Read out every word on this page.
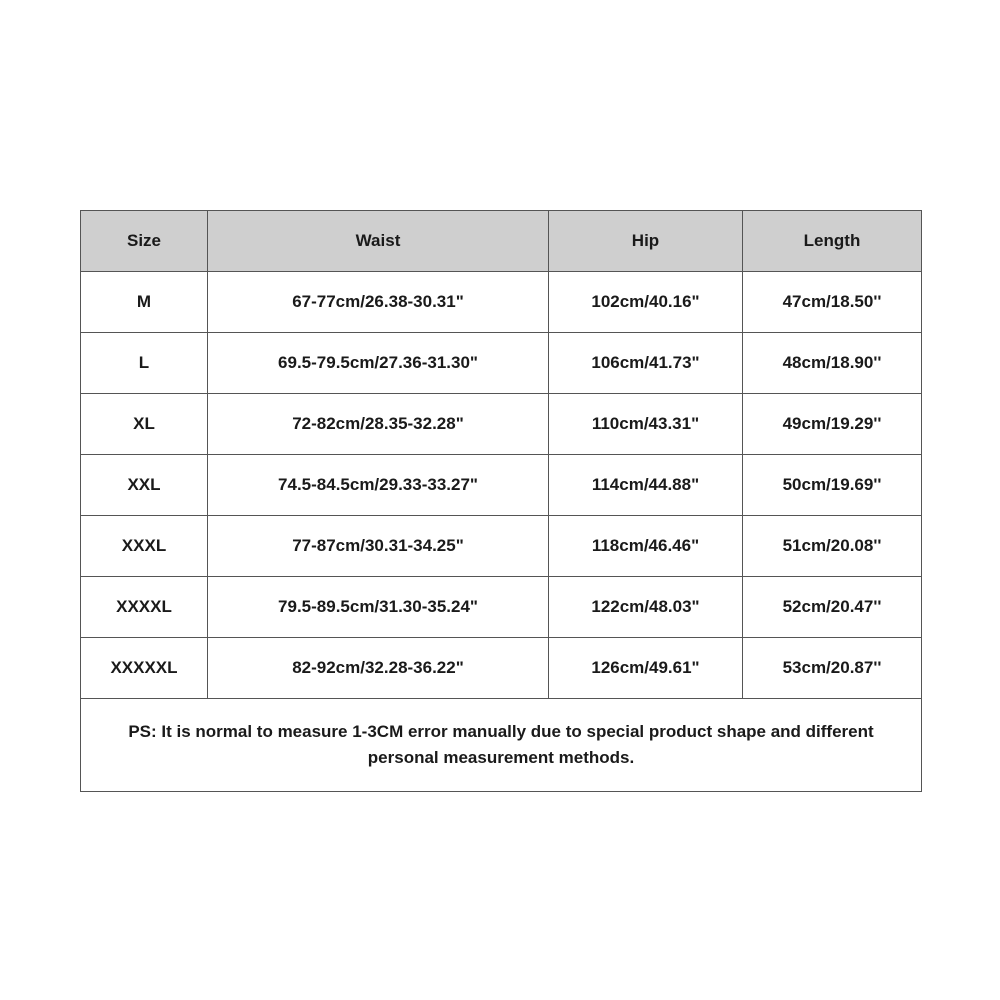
Size	Waist	Hip	Length
M	67-77cm/26.38-30.31"	102cm/40.16"	47cm/18.50''
L	69.5-79.5cm/27.36-31.30"	106cm/41.73"	48cm/18.90''
XL	72-82cm/28.35-32.28"	110cm/43.31"	49cm/19.29''
XXL	74.5-84.5cm/29.33-33.27"	114cm/44.88"	50cm/19.69''
XXXL	77-87cm/30.31-34.25"	118cm/46.46"	51cm/20.08''
XXXXL	79.5-89.5cm/31.30-35.24"	122cm/48.03"	52cm/20.47''
XXXXXL	82-92cm/32.28-36.22"	126cm/49.61"	53cm/20.87''
PS: It is normal to measure 1-3CM error manually due to special product shape and different personal measurement methods.			
